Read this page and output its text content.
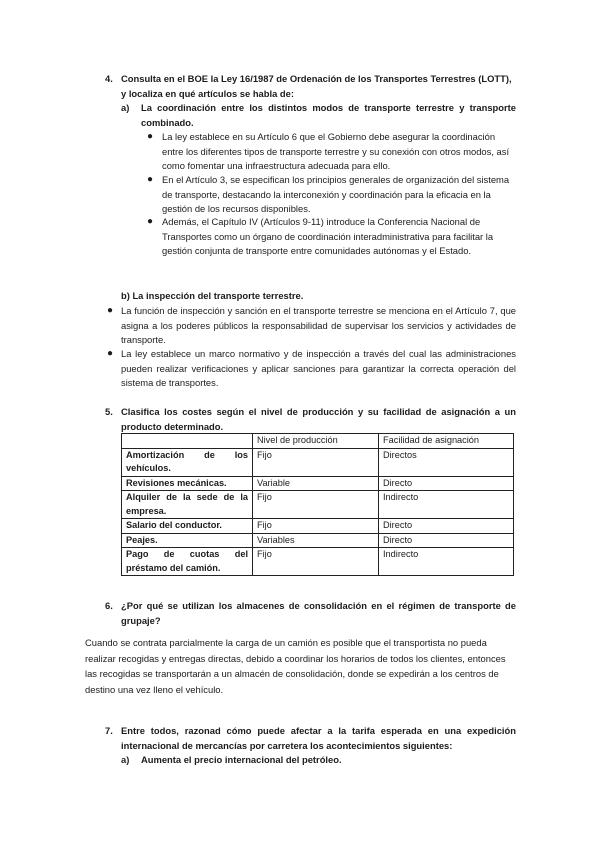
4. Consulta en el BOE la Ley 16/1987 de Ordenación de los Transportes Terrestres (LOTT), y localiza en qué artículos se habla de:
a) La coordinación entre los distintos modos de transporte terrestre y transporte combinado.
● La ley establece en su Artículo 6 que el Gobierno debe asegurar la coordinación entre los diferentes tipos de transporte terrestre y su conexión con otros modos, así como fomentar una infraestructura adecuada para ello.
● En el Artículo 3, se especifican los principios generales de organización del sistema de transporte, destacando la interconexión y coordinación para la eficacia en la gestión de los recursos disponibles.
● Además, el Capítulo IV (Artículos 9-11) introduce la Conferencia Nacional de Transportes como un órgano de coordinación interadministrativa para facilitar la gestión conjunta de transporte entre comunidades autónomas y el Estado.
b) La inspección del transporte terrestre.
● La función de inspección y sanción en el transporte terrestre se menciona en el Artículo 7, que asigna a los poderes públicos la responsabilidad de supervisar los servicios y actividades de transporte.
● La ley establece un marco normativo y de inspección a través del cual las administraciones pueden realizar verificaciones y aplicar sanciones para garantizar la correcta operación del sistema de transportes.
5. Clasifica los costes según el nivel de producción y su facilidad de asignación a un producto determinado.
	Nivel de producción	Facilidad de asignación
Amortización de los vehículos.	Fijo	Directos
Revisiones mecánicas.	Variable	Directo
Alquiler de la sede de la empresa.	Fijo	Indirecto
Salario del conductor.	Fijo	Directo
Peajes.	Variables	Directo
Pago de cuotas del préstamo del camión.	Fijo	Indirecto
6. ¿Por qué se utilizan los almacenes de consolidación en el régimen de transporte de grupaje?
Cuando se contrata parcialmente la carga de un camión es posible que el transportista no pueda realizar recogidas y entregas directas, debido a coordinar los horarios de todos los clientes, entonces las recogidas se transportarán a un almacén de consolidación, donde se expedirán a los centros de destino una vez lleno el vehículo.
7. Entre todos, razonad cómo puede afectar a la tarifa esperada en una expedición internacional de mercancías por carretera los acontecimientos siguientes:
a) Aumenta el precio internacional del petróleo.
